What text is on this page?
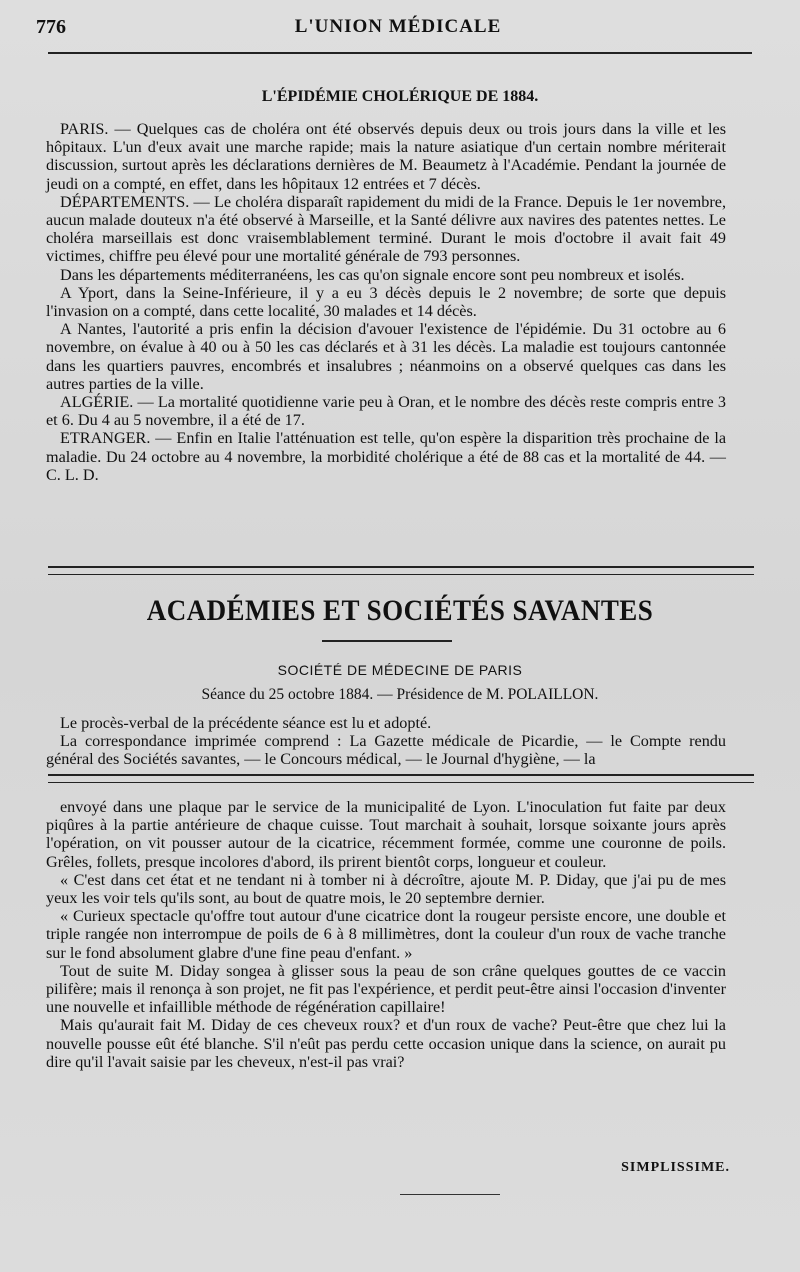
776	L'UNION MÉDICALE
L'ÉPIDÉMIE CHOLÉRIQUE DE 1884.

PARIS. — Quelques cas de choléra ont été observés depuis deux ou trois jours dans la ville et les hôpitaux. L'un d'eux avait une marche rapide; mais la nature asiatique d'un certain nombre mériterait discussion, surtout après les déclarations dernières de M. Beaumetz à l'Académie. Pendant la journée de jeudi on a compté, en effet, dans les hôpitaux 12 entrées et 7 décès.

DÉPARTEMENTS. — Le choléra disparaît rapidement du midi de la France. Depuis le 1er novembre, aucun malade douteux n'a été observé à Marseille, et la Santé délivre aux navires des patentes nettes. Le choléra marseillais est donc vraisemblablement terminé. Durant le mois d'octobre il avait fait 49 victimes, chiffre peu élevé pour une mortalité générale de 793 personnes.

Dans les départements méditerranéens, les cas qu'on signale encore sont peu nombreux et isolés.

A Yport, dans la Seine-Inférieure, il y a eu 3 décès depuis le 2 novembre; de sorte que depuis l'invasion on a compté, dans cette localité, 30 malades et 14 décès.

A Nantes, l'autorité a pris enfin la décision d'avouer l'existence de l'épidémie. Du 31 octobre au 6 novembre, on évalue à 40 ou à 50 les cas déclarés et à 31 les décès. La maladie est toujours cantonnée dans les quartiers pauvres, encombrés et insalubres ; néanmoins on a observé quelques cas dans les autres parties de la ville.

ALGÉRIE. — La mortalité quotidienne varie peu à Oran, et le nombre des décès reste compris entre 3 et 6. Du 4 au 5 novembre, il a été de 17.

ETRANGER. — Enfin en Italie l'atténuation est telle, qu'on espère la disparition très prochaine de la maladie. Du 24 octobre au 4 novembre, la morbidité cholérique a été de 88 cas et la mortalité de 44. — C. L. D.

ACADÉMIES ET SOCIÉTÉS SAVANTES
SOCIÉTÉ DE MÉDECINE DE PARIS
Séance du 25 octobre 1884. — Présidence de M. POLAILLON.

Le procès-verbal de la précédente séance est lu et adopté.

La correspondance imprimée comprend : La Gazette médicale de Picardie, — le Compte rendu général des Sociétés savantes, — le Concours médical, — le Journal d'hygiène, — la

envoyé dans une plaque par le service de la municipalité de Lyon. L'inoculation fut faite par deux piqûres à la partie antérieure de chaque cuisse. Tout marchait à souhait, lorsque soixante jours après l'opération, on vit pousser autour de la cicatrice, récemment formée, comme une couronne de poils. Grêles, follets, presque incolores d'abord, ils prirent bientôt corps, longueur et couleur.

« C'est dans cet état et ne tendant ni à tomber ni à décroître, ajoute M. P. Diday, que j'ai pu de mes yeux les voir tels qu'ils sont, au bout de quatre mois, le 20 septembre dernier.

« Curieux spectacle qu'offre tout autour d'une cicatrice dont la rougeur persiste encore, une double et triple rangée non interrompue de poils de 6 à 8 millimètres, dont la couleur d'un roux de vache tranche sur le fond absolument glabre d'une fine peau d'enfant. »

Tout de suite M. Diday songea à glisser sous la peau de son crâne quelques gouttes de ce vaccin pilifère; mais il renonça à son projet, ne fit pas l'expérience, et perdit peut-être ainsi l'occasion d'inventer une nouvelle et infaillible méthode de régénération capillaire!

Mais qu'aurait fait M. Diday de ces cheveux roux? et d'un roux de vache? Peut-être que chez lui la nouvelle pousse eût été blanche. S'il n'eût pas perdu cette occasion unique dans la science, on aurait pu dire qu'il l'avait saisie par les cheveux, n'est-il pas vrai?

SIMPLISSIME.
